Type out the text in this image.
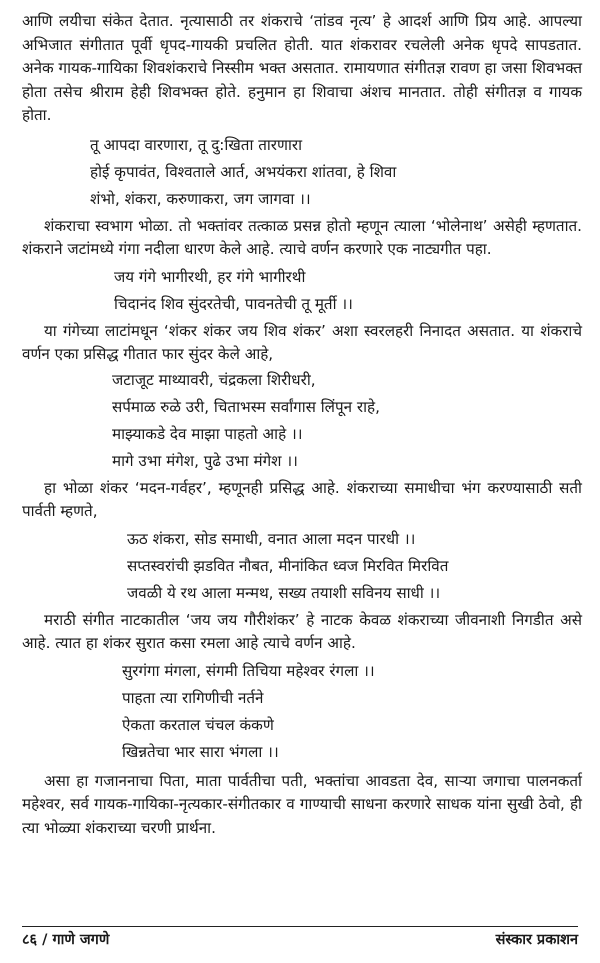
आणि लयीचा संकेत देतात. नृत्यासाठी तर शंकराचे ‘तांडव नृत्य’ हे आदर्श आणि प्रिय आहे. आपल्या अभिजात संगीतात पूर्वी धृपद-गायकी प्रचलित होती. यात शंकरावर रचलेली अनेक धृपदे सापडतात. अनेक गायक-गायिका शिवशंकराचे निस्सीम भक्त असतात. रामायणात संगीतज्ञ रावण हा जसा शिवभक्त होता तसेच श्रीराम हेही शिवभक्त होते. हनुमान हा शिवाचा अंशच मानतात. तोही संगीतज्ञ व गायक होता.

तू आपदा वारणारा, तू दु:खिता तारणारा
होई कृपावंत, विश्वताले आर्त, अभयंकरा शांतवा, हे शिवा
शंभो, शंकरा, करुणाकरा, जग जागवा ।।

शंकराचा स्वभाग भोळा. तो भक्तांवर तत्काळ प्रसन्न होतो म्हणून त्याला ‘भोलेनाथ’ असेही म्हणतात. शंकराने जटांमध्ये गंगा नदीला धारण केले आहे. त्याचे वर्णन करणारे एक नाट्यगीत पहा.

जय गंगे भागीरथी, हर गंगे भागीरथी
चिदानंद शिव सुंदरतेची, पावनतेची तू मूर्ती ।।

या गंगेच्या लाटांमधून ‘शंकर शंकर जय शिव शंकर’ अशा स्वरलहरी निनादत असतात. या शंकराचे वर्णन एका प्रसिद्ध गीतात फार सुंदर केले आहे,

जटाजूट माथ्यावरी, चंद्रकला शिरीधरी,
सर्पमाळ रुळे उरी, चिताभस्म सर्वांगास लिंपून राहे,
माझ्याकडे देव माझा पाहतो आहे ।।
मागे उभा मंगेश, पुढे उभा मंगेश ।।

हा भोळा शंकर ‘मदन-गर्वहर’, म्हणूनही प्रसिद्ध आहे. शंकराच्या समाधीचा भंग करण्यासाठी सती पार्वती म्हणते,

ऊठ शंकरा, सोड समाधी, वनात आला मदन पारधी ।।
सप्तस्वरांची झडवित नौबत, मीनांकित ध्वज मिरवित मिरवित
जवळी ये रथ आला मन्मथ, सख्य तयाशी सविनय साधी ।।

मराठी संगीत नाटकातील ‘जय जय गौरीशंकर’ हे नाटक केवळ शंकराच्या जीवनाशी निगडीत असे आहे. त्यात हा शंकर सुरात कसा रमला आहे त्याचे वर्णन आहे.

सुरगंगा मंगला, संगमी तिचिया महेश्वर रंगला ।।
पाहता त्या रागिणीची नर्तने
ऐकता करताल चंचल कंकणे
खिन्नतेचा भार सारा भंगला ।।

असा हा गजाननाचा पिता, माता पार्वतीचा पती, भक्तांचा आवडता देव, साऱ्या जगाचा पालनकर्ता महेश्वर, सर्व गायक-गायिका-नृत्यकार-संगीतकार व गाण्याची साधना करणारे साधक यांना सुखी ठेवो, ही त्या भोळ्या शंकराच्या चरणी प्रार्थना.

८६ / गाणे जगणे	संस्कार प्रकाशन
